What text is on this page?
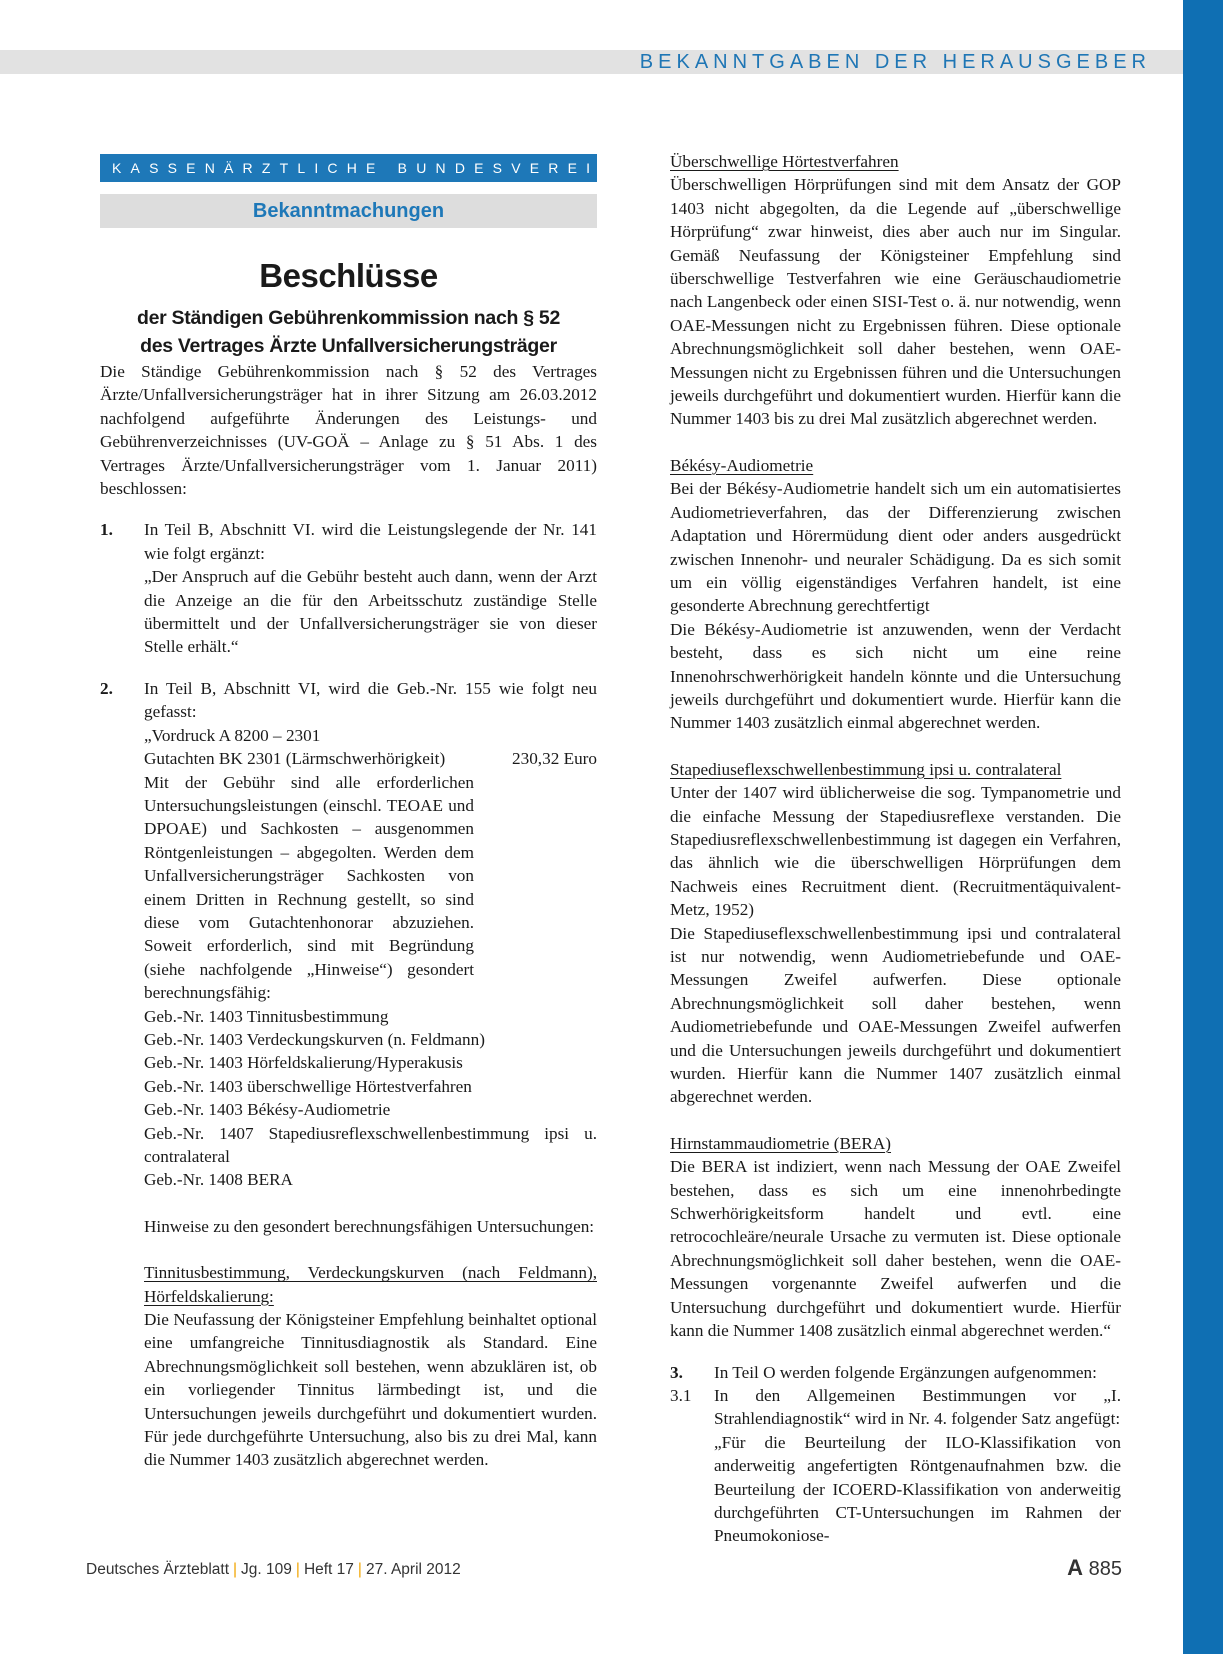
BEKANNTGABEN DER HERAUSGEBER
KASSENÄRZTLICHE BUNDESVEREINIGUNG
Bekanntmachungen
Beschlüsse
der Ständigen Gebührenkommission nach § 52
des Vertrages Ärzte Unfallversicherungsträger

Die Ständige Gebührenkommission nach § 52 des Vertrages Ärzte/Unfallversicherungsträger hat in ihrer Sitzung am 26.03.2012 nachfolgend aufgeführte Änderungen des Leistungs- und Gebührenverzeichnisses (UV-GOÄ – Anlage zu § 51 Abs. 1 des Vertrages Ärzte/Unfallversicherungsträger vom 1. Januar 2011) beschlossen:

1. In Teil B, Abschnitt VI. wird die Leistungslegende der Nr. 141 wie folgt ergänzt:

„Der Anspruch auf die Gebühr besteht auch dann, wenn der Arzt die Anzeige an die für den Arbeitsschutz zuständige Stelle übermittelt und der Unfallversicherungsträger sie von dieser Stelle erhält.“

2. In Teil B, Abschnitt VI, wird die Geb.-Nr. 155 wie folgt neu gefasst:

„Vordruck A 8200 – 2301

Gutachten BK 2301 (Lärmschwerhörigkeit)	230,32 Euro

Mit der Gebühr sind alle erforderlichen Untersuchungsleistungen (einschl. TEOAE und DPOAE) und Sachkosten – ausgenommen Röntgenleistungen – abgegolten. Werden dem Unfallversicherungsträger Sachkosten von einem Dritten in Rechnung gestellt, so sind diese vom Gutachtenhonorar abzuziehen. Soweit erforderlich, sind mit Begründung (siehe nachfolgende „Hinweise“) gesondert berechnungsfähig:

Geb.-Nr. 1403 Tinnitusbestimmung
Geb.-Nr. 1403 Verdeckungskurven (n. Feldmann)
Geb.-Nr. 1403 Hörfeldskalierung/Hyperakusis
Geb.-Nr. 1403 überschwellige Hörtestverfahren
Geb.-Nr. 1403 Békésy-Audiometrie
Geb.-Nr. 1407 Stapediusreflexschwellenbestimmung ipsi u. contralateral
Geb.-Nr. 1408 BERA

Hinweise zu den gesondert berechnungsfähigen Untersuchungen:

Tinnitusbestimmung, Verdeckungskurven (nach Feldmann), Hörfeldskalierung:

Die Neufassung der Königsteiner Empfehlung beinhaltet optional eine umfangreiche Tinnitusdiagnostik als Standard. Eine Abrechnungsmöglichkeit soll bestehen, wenn abzuklären ist, ob ein vorliegender Tinnitus lärmbedingt ist, und die Untersuchungen jeweils durchgeführt und dokumentiert wurden. Für jede durchgeführte Untersuchung, also bis zu drei Mal, kann die Nummer 1403 zusätzlich abgerechnet werden.

Überschwellige Hörtestverfahren

Überschwelligen Hörprüfungen sind mit dem Ansatz der GOP 1403 nicht abgegolten, da die Legende auf „überschwellige Hörprüfung“ zwar hinweist, dies aber auch nur im Singular. Gemäß Neufassung der Königsteiner Empfehlung sind überschwellige Testverfahren wie eine Geräuschaudiometrie nach Langenbeck oder einen SISI-Test o. ä. nur notwendig, wenn OAE-Messungen nicht zu Ergebnissen führen. Diese optionale Abrechnungsmöglichkeit soll daher bestehen, wenn OAE-Messungen nicht zu Ergebnissen führen und die Untersuchungen jeweils durchgeführt und dokumentiert wurden. Hierfür kann die Nummer 1403 bis zu drei Mal zusätzlich abgerechnet werden.

Békésy-Audiometrie

Bei der Békésy-Audiometrie handelt sich um ein automatisiertes Audiometrieverfahren, das der Differenzierung zwischen Adaptation und Hörermüdung dient oder anders ausgedrückt zwischen Innenohr- und neuraler Schädigung. Da es sich somit um ein völlig eigenständiges Verfahren handelt, ist eine gesonderte Abrechnung gerechtfertigt

Die Békésy-Audiometrie ist anzuwenden, wenn der Verdacht besteht, dass es sich nicht um eine reine Innenohrschwerhörigkeit handeln könnte und die Untersuchung jeweils durchgeführt und dokumentiert wurde. Hierfür kann die Nummer 1403 zusätzlich einmal abgerechnet werden.

Stapediuseflexschwellenbestimmung ipsi u. contralateral

Unter der 1407 wird üblicherweise die sog. Tympanometrie und die einfache Messung der Stapediusreflexe verstanden. Die Stapediusreflexschwellenbestimmung ist dagegen ein Verfahren, das ähnlich wie die überschwelligen Hörprüfungen dem Nachweis eines Recruitment dient. (Recruitmentäquivalent-Metz, 1952)

Die Stapediuseflexschwellenbestimmung ipsi und contralateral ist nur notwendig, wenn Audiometriebefunde und OAE-Messungen Zweifel aufwerfen. Diese optionale Abrechnungsmöglichkeit soll daher bestehen, wenn Audiometriebefunde und OAE-Messungen Zweifel aufwerfen und die Untersuchungen jeweils durchgeführt und dokumentiert wurden. Hierfür kann die Nummer 1407 zusätzlich einmal abgerechnet werden.

Hirnstammaudiometrie (BERA)

Die BERA ist indiziert, wenn nach Messung der OAE Zweifel bestehen, dass es sich um eine innenohrbedingte Schwerhörigkeitsform handelt und evtl. eine retrocochleäre/neurale Ursache zu vermuten ist. Diese optionale Abrechnungsmöglichkeit soll daher bestehen, wenn die OAE-Messungen vorgenannte Zweifel aufwerfen und die Untersuchung durchgeführt und dokumentiert wurde. Hierfür kann die Nummer 1408 zusätzlich einmal abgerechnet werden.“

3. In Teil O werden folgende Ergänzungen aufgenommen:

3.1 In den Allgemeinen Bestimmungen vor „I. Strahlendiagnostik“ wird in Nr. 4. folgender Satz angefügt:

„Für die Beurteilung der ILO-Klassifikation von anderweitig angefertigten Röntgenaufnahmen bzw. die Beurteilung der ICOERD-Klassifikation von anderweitig durchgeführten CT-Untersuchungen im Rahmen der Pneumokoniose-

Deutsches Ärzteblatt | Jg. 109 | Heft 17 | 27. April 2012	A 885
